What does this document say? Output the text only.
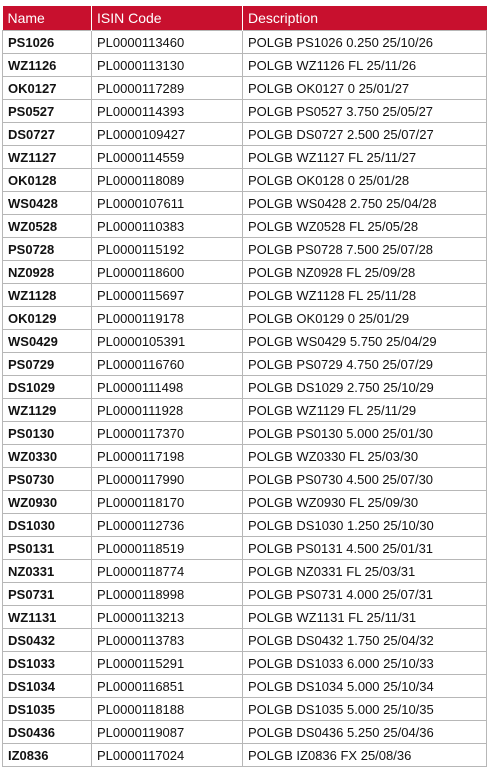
Name	ISIN Code	Description
PS1026	PL0000113460	POLGB PS1026 0.250 25/10/26
WZ1126	PL0000113130	POLGB WZ1126 FL 25/11/26
OK0127	PL0000117289	POLGB OK0127 0 25/01/27
PS0527	PL0000114393	POLGB PS0527 3.750 25/05/27
DS0727	PL0000109427	POLGB DS0727 2.500 25/07/27
WZ1127	PL0000114559	POLGB WZ1127 FL 25/11/27
OK0128	PL0000118089	POLGB OK0128 0 25/01/28
WS0428	PL0000107611	POLGB WS0428 2.750 25/04/28
WZ0528	PL0000110383	POLGB WZ0528 FL 25/05/28
PS0728	PL0000115192	POLGB PS0728 7.500 25/07/28
NZ0928	PL0000118600	POLGB NZ0928 FL 25/09/28
WZ1128	PL0000115697	POLGB WZ1128 FL 25/11/28
OK0129	PL0000119178	POLGB OK0129 0 25/01/29
WS0429	PL0000105391	POLGB WS0429 5.750 25/04/29
PS0729	PL0000116760	POLGB PS0729 4.750 25/07/29
DS1029	PL0000111498	POLGB DS1029 2.750 25/10/29
WZ1129	PL0000111928	POLGB WZ1129 FL 25/11/29
PS0130	PL0000117370	POLGB PS0130 5.000 25/01/30
WZ0330	PL0000117198	POLGB WZ0330 FL 25/03/30
PS0730	PL0000117990	POLGB PS0730 4.500 25/07/30
WZ0930	PL0000118170	POLGB WZ0930 FL 25/09/30
DS1030	PL0000112736	POLGB DS1030 1.250 25/10/30
PS0131	PL0000118519	POLGB PS0131 4.500 25/01/31
NZ0331	PL0000118774	POLGB NZ0331 FL 25/03/31
PS0731	PL0000118998	POLGB PS0731 4.000 25/07/31
WZ1131	PL0000113213	POLGB WZ1131 FL 25/11/31
DS0432	PL0000113783	POLGB DS0432 1.750 25/04/32
DS1033	PL0000115291	POLGB DS1033 6.000 25/10/33
DS1034	PL0000116851	POLGB DS1034 5.000 25/10/34
DS1035	PL0000118188	POLGB DS1035 5.000 25/10/35
DS0436	PL0000119087	POLGB DS0436 5.250 25/04/36
IZ0836	PL0000117024	POLGB IZ0836 FX 25/08/36
